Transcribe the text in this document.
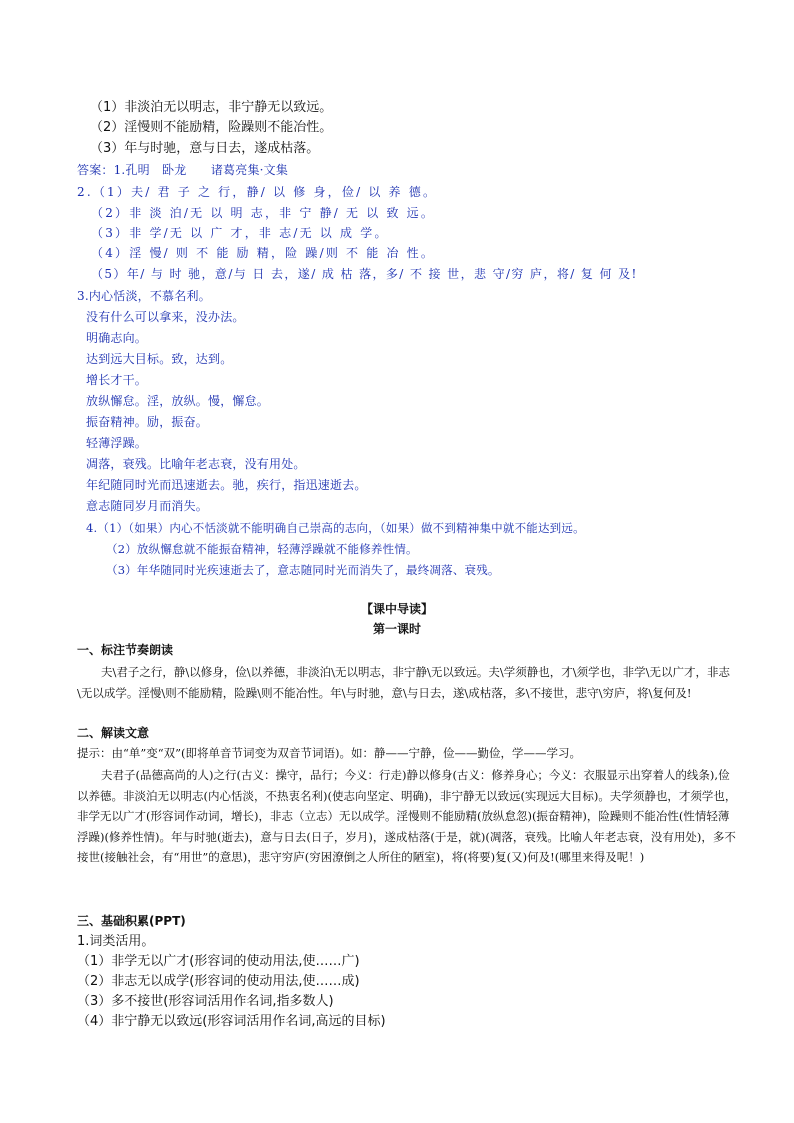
（1）非淡泊无以明志，非宁静无以致远。
（2）淫慢则不能励精，险躁则不能冶性。
（3）年与时驰，意与日去，遂成枯落。
答案：1.孔明　卧龙　　诸葛亮集·文集
2.（1）夫/ 君 子 之 行，静/ 以 修 身，俭/ 以 养 德。
（2）非 淡 泊/无 以 明 志，非 宁 静/ 无 以 致 远。
（3）非 学/无 以 广 才，非 志/无 以 成 学。
（4）淫 慢/ 则 不 能 励 精，险 躁/则 不 能 冶 性。
（5）年/ 与 时 驰，意/与 日 去，遂/ 成 枯 落，多/ 不 接 世，悲 守/穷 庐，将/ 复 何 及!
3.内心恬淡，不慕名利。
没有什么可以拿来，没办法。
明确志向。
达到远大目标。致，达到。
增长才干。
放纵懈怠。淫，放纵。慢，懈怠。
振奋精神。励，振奋。
轻薄浮躁。
凋落，衰残。比喻年老志衰，没有用处。
年纪随同时光而迅速逝去。驰，疾行，指迅速逝去。
意志随同岁月而消失。
4.（1）（如果）内心不恬淡就不能明确自己崇高的志向，（如果）做不到精神集中就不能达到远。
（2）放纵懈怠就不能振奋精神，轻薄浮躁就不能修养性情。
（3）年华随同时光疾速逝去了，意志随同时光而消失了，最终凋落、衰残。
【课中导读】
第一课时
一、标注节奏朗读
夫\君子之行，静\以修身，俭\以养德，非淡泊\无以明志，非宁静\无以致远。夫\学须静也，才\须学也，非学\无以广才，非志\无以成学。淫慢\则不能励精，险躁\则不能冶性。年\与时驰，意\与日去，遂\成枯落，多\不接世，悲守\穷庐，将\复何及!
二、解读文意
提示：由“单”变“双”(即将单音节词变为双音节词语)。如：静——宁静，俭——勤俭，学——学习。
夫君子(品德高尚的人)之行(古义：操守，品行；今义：行走)静以修身(古义：修养身心；今义：衣服显示出穿着人的线条),俭以养德。非淡泊无以明志(内心恬淡，不热衷名利)(使志向坚定、明确)，非宁静无以致远(实现远大目标)。夫学须静也，才须学也，非学无以广才(形容词作动词，增长)，非志（立志）无以成学。淫慢则不能励精(放纵怠忽)(振奋精神)，险躁则不能冶性(性情轻薄浮躁)(修养性情)。年与时驰(逝去)，意与日去(日子，岁月)，遂成枯落(于是，就)(凋落，衰残。比喻人年老志衰，没有用处)，多不接世(接触社会，有“用世”的意思)，悲守穷庐(穷困潦倒之人所住的陋室)，将(将要)复(又)何及!(哪里来得及呢！)
三、基础积累(PPT)
1.词类活用。
（1）非学无以广才(形容词的使动用法,使……广)
（2）非志无以成学(形容词的使动用法,使……成)
（3）多不接世(形容词活用作名词,指多数人)
（4）非宁静无以致远(形容词活用作名词,高远的目标)
